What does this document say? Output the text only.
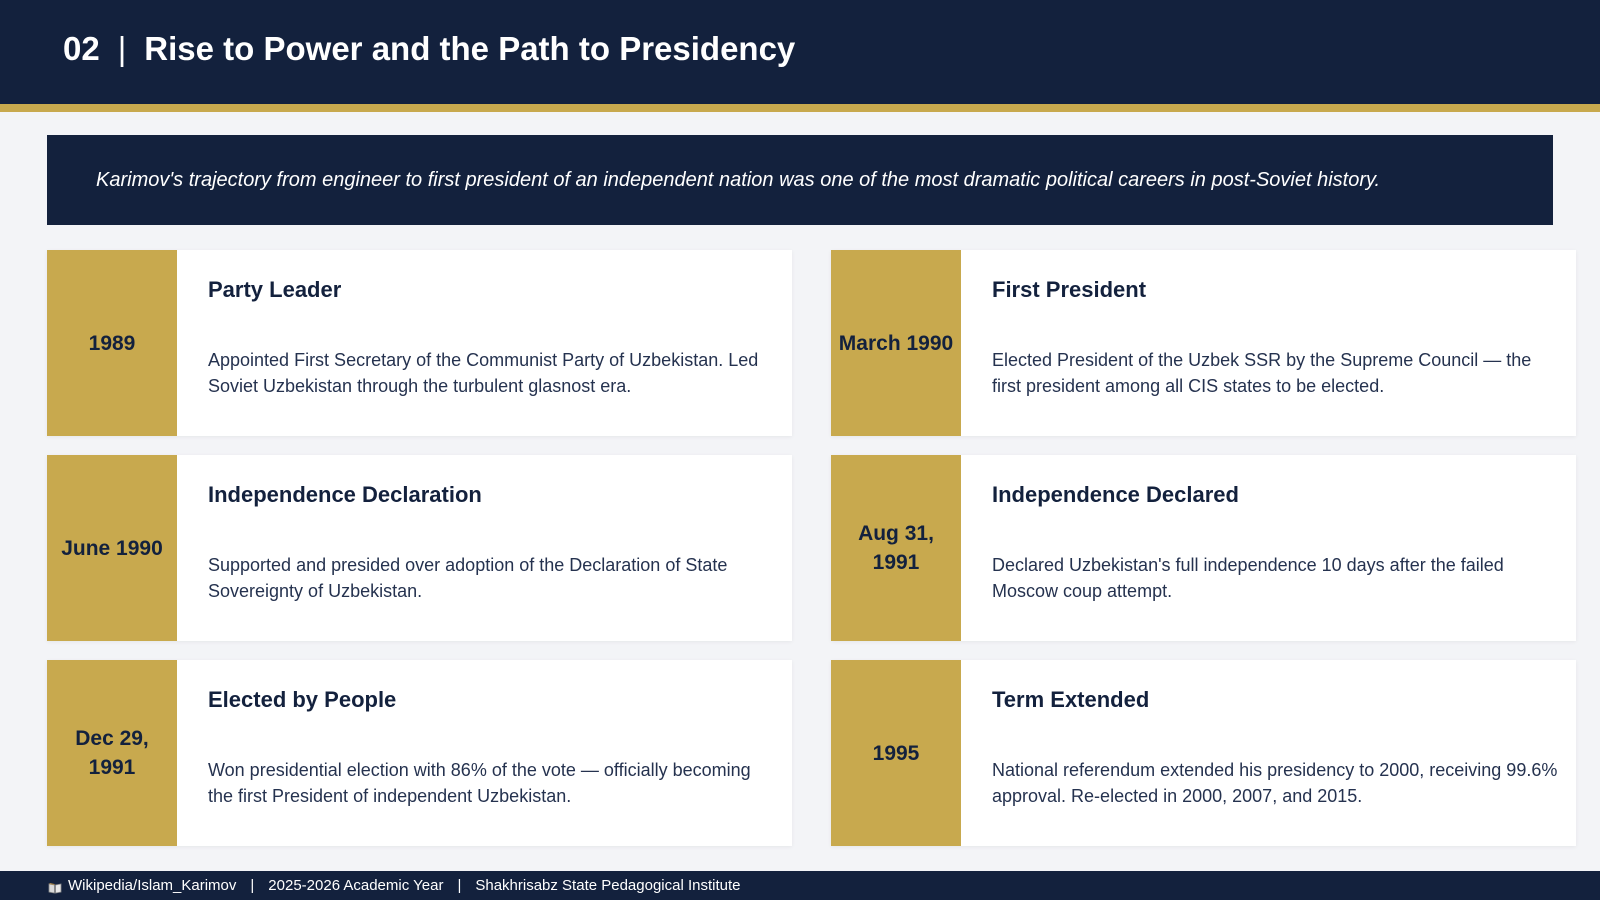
02 | Rise to Power and the Path to Presidency
Karimov's trajectory from engineer to first president of an independent nation was one of the most dramatic political careers in post-Soviet history.
1989
Party Leader
Appointed First Secretary of the Communist Party of Uzbekistan. Led Soviet Uzbekistan through the turbulent glasnost era.
March 1990
First President
Elected President of the Uzbek SSR by the Supreme Council — the first president among all CIS states to be elected.
June 1990
Independence Declaration
Supported and presided over adoption of the Declaration of State Sovereignty of Uzbekistan.
Aug 31, 1991
Independence Declared
Declared Uzbekistan's full independence 10 days after the failed Moscow coup attempt.
Dec 29, 1991
Elected by People
Won presidential election with 86% of the vote — officially becoming the first President of independent Uzbekistan.
1995
Term Extended
National referendum extended his presidency to 2000, receiving 99.6% approval. Re-elected in 2000, 2007, and 2015.
Wikipedia/Islam_Karimov | 2025-2026 Academic Year | Shakhrisabz State Pedagogical Institute
